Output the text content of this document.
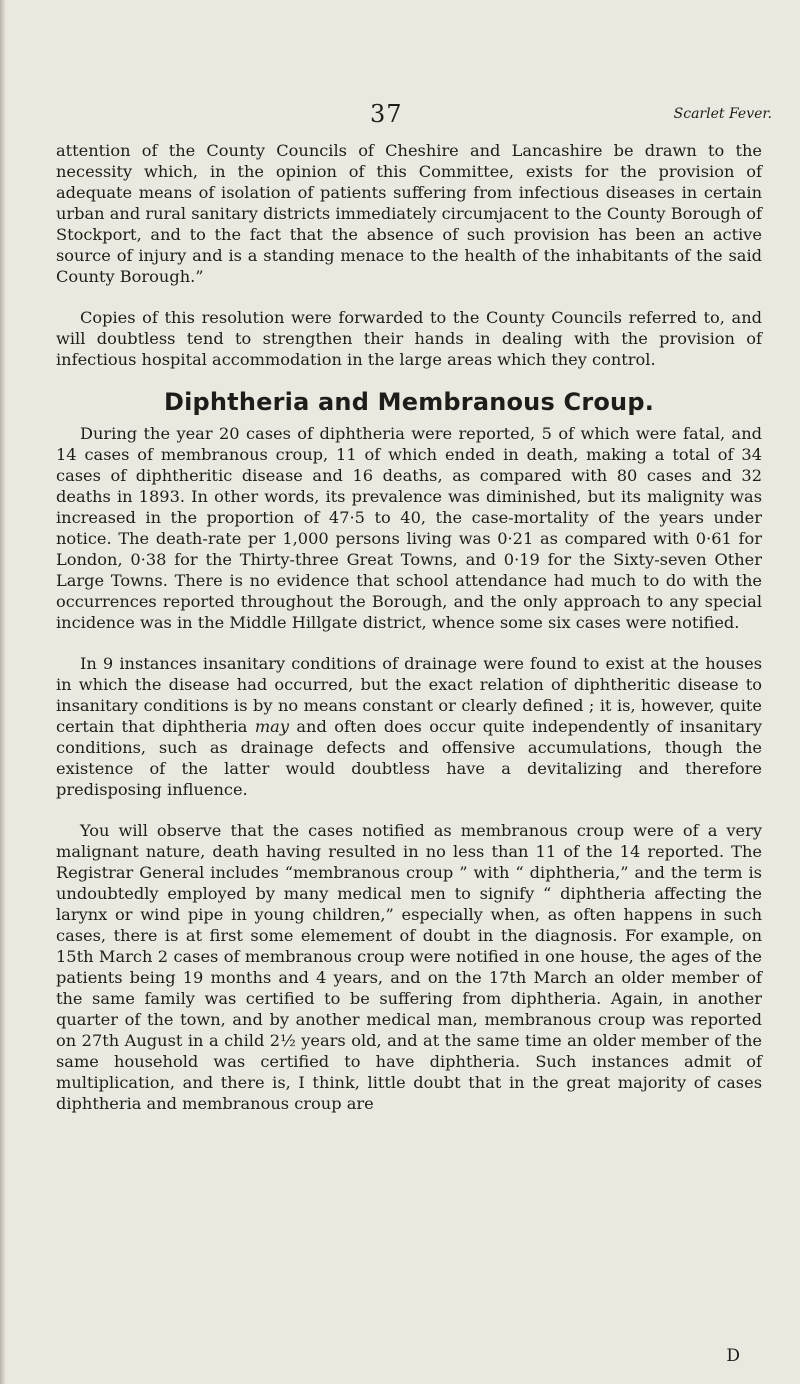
37	Scarlet Fever.

attention of the County Councils of Cheshire and Lancashire be drawn to the necessity which, in the opinion of this Committee, exists for the provision of adequate means of isolation of patients suffering from infectious diseases in certain urban and rural sanitary districts immediately circumjacent to the County Borough of Stockport, and to the fact that the absence of such provision has been an active source of injury and is a standing menace to the health of the inhabitants of the said County Borough.”

Copies of this resolution were forwarded to the County Councils referred to, and will doubtless tend to strengthen their hands in dealing with the provision of infectious hospital accommodation in the large areas which they control.

Diphtheria and Membranous Croup.

During the year 20 cases of diphtheria were reported, 5 of which were fatal, and 14 cases of membranous croup, 11 of which ended in death, making a total of 34 cases of diphtheritic disease and 16 deaths, as compared with 80 cases and 32 deaths in 1893. In other words, its prevalence was diminished, but its malignity was increased in the proportion of 47·5 to 40, the case-mortality of the years under notice. The death-rate per 1,000 persons living was 0·21 as compared with 0·61 for London, 0·38 for the Thirty-three Great Towns, and 0·19 for the Sixty-seven Other Large Towns. There is no evidence that school attendance had much to do with the occurrences reported throughout the Borough, and the only approach to any special incidence was in the Middle Hillgate district, whence some six cases were notified.

In 9 instances insanitary conditions of drainage were found to exist at the houses in which the disease had occurred, but the exact relation of diphtheritic disease to insanitary conditions is by no means constant or clearly defined ; it is, however, quite certain that diphtheria may and often does occur quite independently of insanitary conditions, such as drainage defects and offensive accumulations, though the existence of the latter would doubtless have a devitalizing and therefore predisposing influence.

You will observe that the cases notified as membranous croup were of a very malignant nature, death having resulted in no less than 11 of the 14 reported. The Registrar General includes “membranous croup ” with “ diphtheria,” and the term is undoubtedly employed by many medical men to signify “ diphtheria affecting the larynx or wind pipe in young children,” especially when, as often happens in such cases, there is at first some elemement of doubt in the diagnosis. For example, on 15th March 2 cases of membranous croup were notified in one house, the ages of the patients being 19 months and 4 years, and on the 17th March an older member of the same family was certified to be suffering from diphtheria. Again, in another quarter of the town, and by another medical man, membranous croup was reported on 27th August in a child 2½ years old, and at the same time an older member of the same household was certified to have diphtheria. Such instances admit of multiplication, and there is, I think, little doubt that in the great majority of cases diphtheria and membranous croup are

D
